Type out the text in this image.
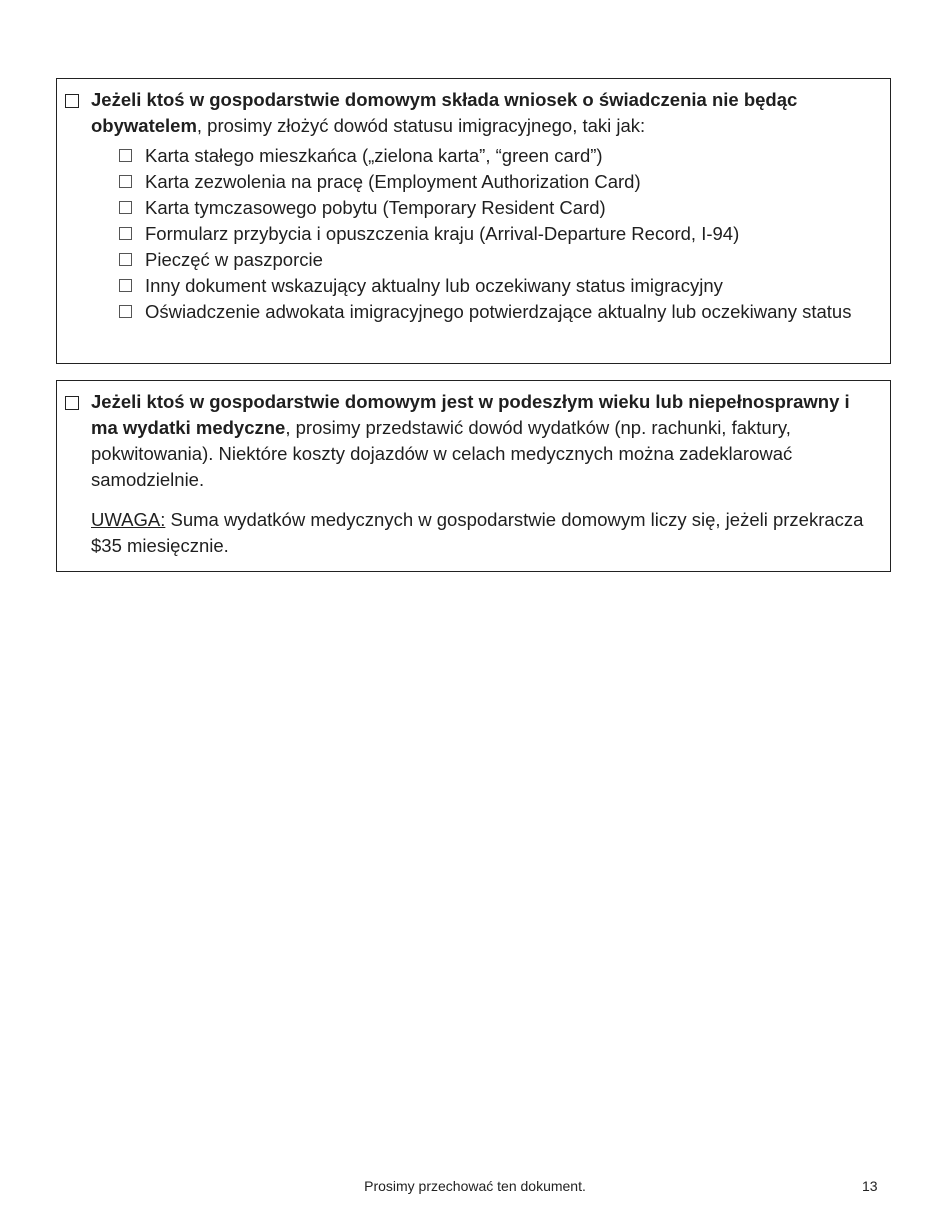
Jeżeli ktoś w gospodarstwie domowym składa wniosek o świadczenia nie będąc obywatelem, prosimy złożyć dowód statusu imigracyjnego, taki jak:

Karta stałego mieszkańca („zielona karta”, “green card”)
Karta zezwolenia na pracę (Employment Authorization Card)
Karta tymczasowego pobytu (Temporary Resident Card)
Formularz przybycia i opuszczenia kraju (Arrival-Departure Record, I-94)
Pieczęć w paszporcie
Inny dokument wskazujący aktualny lub oczekiwany status imigracyjny
Oświadczenie adwokata imigracyjnego potwierdzające aktualny lub oczekiwany status

Jeżeli ktoś w gospodarstwie domowym jest w podeszłym wieku lub niepełnosprawny i ma wydatki medyczne, prosimy przedstawić dowód wydatków (np. rachunki, faktury, pokwitowania). Niektóre koszty dojazdów w celach medycznych można zadeklarować samodzielnie.

UWAGA: Suma wydatków medycznych w gospodarstwie domowym liczy się, jeżeli przekracza $35 miesięcznie.

Prosimy przechować ten dokument.	13
